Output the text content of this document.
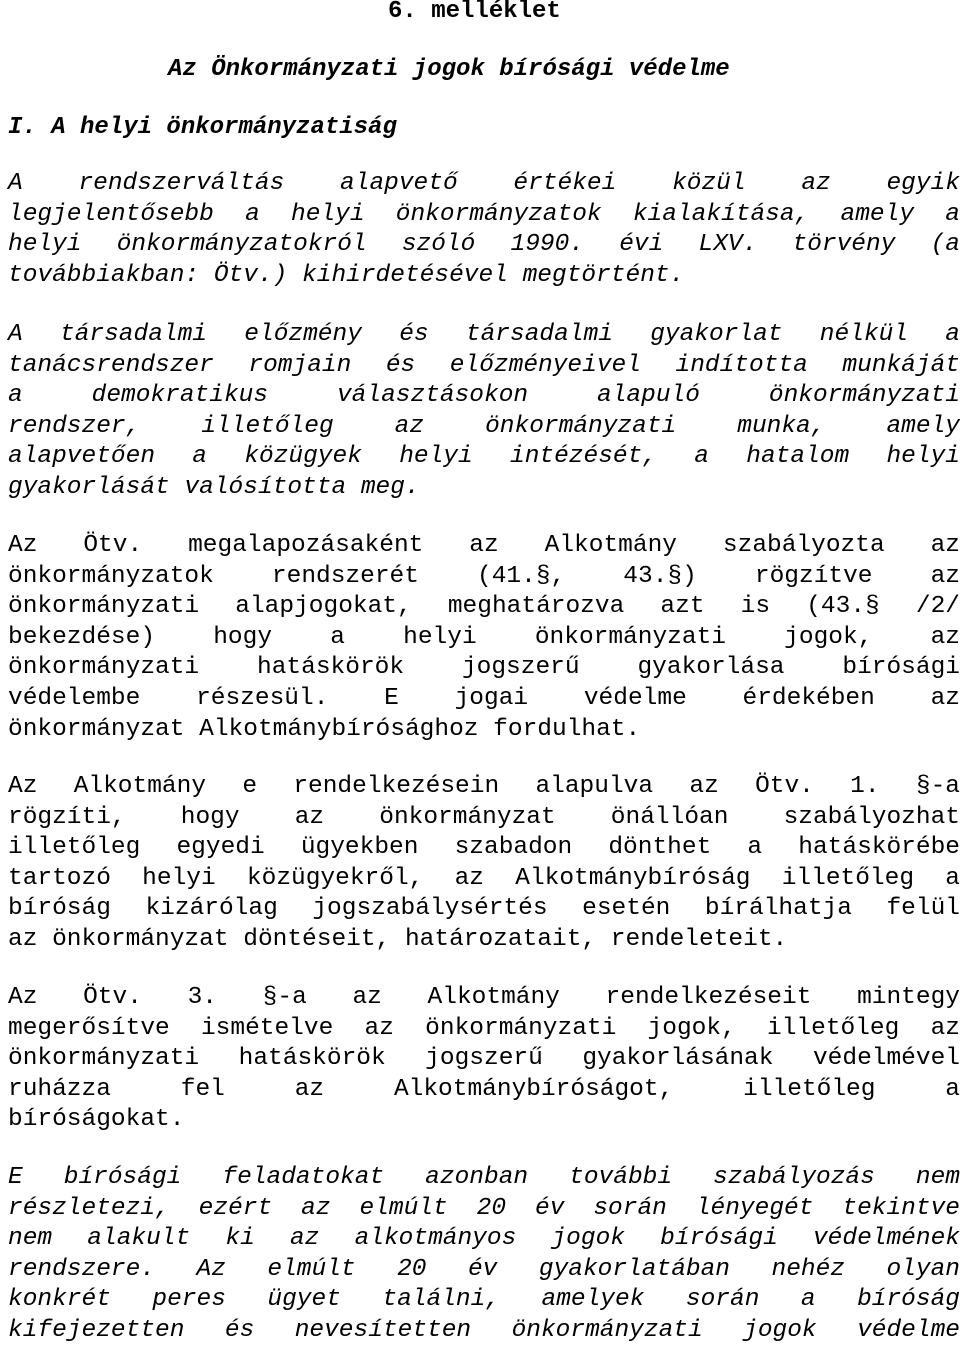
6. melléklet
Az Önkormányzati jogok bírósági védelme
I. A helyi önkormányzatiság

A rendszerváltás alapvető értékei közül az egyik
legjelentősebb a helyi önkormányzatok kialakítása, amely a
helyi önkormányzatokról szóló 1990. évi LXV. törvény (a
továbbiakban: Ötv.) kihirdetésével megtörtént.

A társadalmi előzmény és társadalmi gyakorlat nélkül a
tanácsrendszer romjain és előzményeivel indította munkáját
a demokratikus választásokon alapuló önkormányzati
rendszer, illetőleg az önkormányzati munka, amely
alapvetően a közügyek helyi intézését, a hatalom helyi
gyakorlását valósította meg.

Az Ötv. megalapozásaként az Alkotmány szabályozta az
önkormányzatok rendszerét (41.§, 43.§) rögzítve az
önkormányzati alapjogokat, meghatározva azt is (43.§ /2/
bekezdése) hogy a helyi önkormányzati jogok, az
önkormányzati hatáskörök jogszerű gyakorlása bírósági
védelembe részesül. E jogai védelme érdekében az
önkormányzat Alkotmánybírósághoz fordulhat.

Az Alkotmány e rendelkezésein alapulva az Ötv. 1. §-a
rögzíti, hogy az önkormányzat önállóan szabályozhat
illetőleg egyedi ügyekben szabadon dönthet a hatáskörébe
tartozó helyi közügyekről, az Alkotmánybíróság illetőleg a
bíróság kizárólag jogszabálysértés esetén bírálhatja felül
az önkormányzat döntéseit, határozatait, rendeleteit.

Az Ötv. 3. §-a az Alkotmány rendelkezéseit mintegy
megerősítve ismételve az önkormányzati jogok, illetőleg az
önkormányzati hatáskörök jogszerű gyakorlásának védelmével
ruházza fel az Alkotmánybíróságot, illetőleg a
bíróságokat.

E bírósági feladatokat azonban további szabályozás nem
részletezi, ezért az elmúlt 20 év során lényegét tekintve
nem alakult ki az alkotmányos jogok bírósági védelmének
rendszere. Az elmúlt 20 év gyakorlatában nehéz olyan
konkrét peres ügyet találni, amelyek során a bíróság
kifejezetten és nevesítetten önkormányzati jogok védelme
